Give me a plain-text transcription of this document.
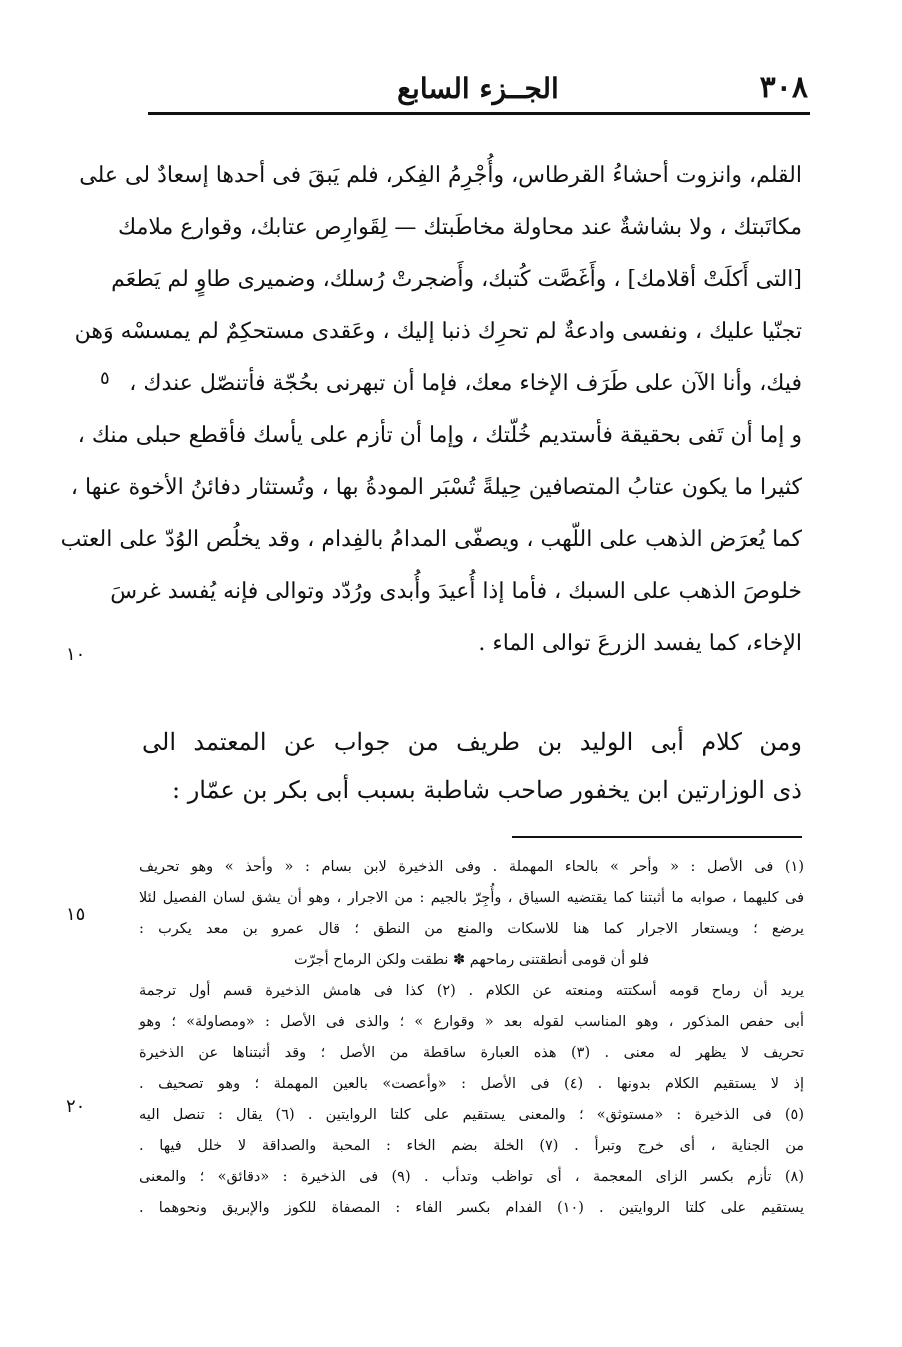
٣٠٨
الجــزء السابع
القلم، وانزوت أحشاءُ القرطاس، وأُجْرِمُ الفِكر، فلم يَبقَ فى أحدها إسعادٌ لى على
مكاتَبتك ، ولا بشاشةٌ عند محاولة مخاطَبتك — لِقَوارِص عتابك، وقوارع ملامك
[التى أَكلَتْ أقلامك] ، وأَغَصَّت كُتبك، وأَضجرتْ رُسلك، وضميرى طاوٍ لم يَطعَم
تجنّيا عليك ، ونفسى وادعةٌ لم تحرِك ذنبا إليك ، وعَقدى مستحكِمٌ لم يمسسْه وَهن
فيك، وأنا الآن على طَرَف الإخاء معك، فإما أن تبهرنى بحُجّة فأتنصّل عندك ،
و إما أن تَفى بحقيقة فأستديم خُلّتك ، وإما أن تأزم على يأسك فأقطع حبلى منك ،
كثيرا ما يكون عتابُ المتصافين حِيلةً تُسْبَر المودةُ بها ، وتُستثار دفائنُ الأخوة عنها ،
كما يُعرَض الذهب على اللّهب ، ويصفّى المدامُ بالفِدام ، وقد يخلُص الوُدّ على العتب
خلوصَ الذهب على السبك ، فأما إذا أُعيدَ وأُبدى ورُدّد وتوالى فإنه يُفسد غرسَ
الإخاء، كما يفسد الزرعَ توالى الماء .
ومن كلام أبى الوليد بن طريف من جواب عن المعتمد الى
ذى الوزارتين ابن يخفور صاحب شاطبة بسبب أبى بكر بن عمّار :
٥
١٠
١٥
٢٠
(١) فى الأصل : « وأحر » بالحاء المهملة . وفى الذخيرة لابن بسام : « وأحذ » وهو تحريف
فى كليهما ، صوابه ما أثبتنا كما يقتضيه السياق ، وأُجِرّ بالجيم : من الاجرار ، وهو أن يشق لسان الفصيل لئلا
يرضع ؛ ويستعار الاجرار كما هنا للاسكات والمنع من النطق ؛ قال عمرو بن معد يكرب :
فلو أن قومى أنطقتنى رماحهم ✽ نطقت ولكن الرماح أجرّت
يريد أن رماح قومه أسكتته ومنعته عن الكلام . (٢) كذا فى هامش الذخيرة قسم أول ترجمة
أبى حفص المذكور ، وهو المناسب لقوله بعد « وقوارع » ؛ والذى فى الأصل : «ومصاولة» ؛ وهو
تحريف لا يظهر له معنى . (٣) هذه العبارة ساقطة من الأصل ؛ وقد أثبتناها عن الذخيرة
إذ لا يستقيم الكلام بدونها . (٤) فى الأصل : «وأعصت» بالعين المهملة ؛ وهو تصحيف .
(٥) فى الذخيرة : «مستوثق» ؛ والمعنى يستقيم على كلتا الروايتين . (٦) يقال : تنصل اليه
من الجناية ، أى خرج وتبرأ . (٧) الخلة بضم الخاء : المحبة والصداقة لا خلل فيها .
(٨) تأزم بكسر الزاى المعجمة ، أى تواظب وتدأب . (٩) فى الذخيرة : «دقائق» ؛ والمعنى
يستقيم على كلتا الروايتين . (١٠) الفدام بكسر الفاء : المصفاة للكوز والإبريق ونحوهما .
